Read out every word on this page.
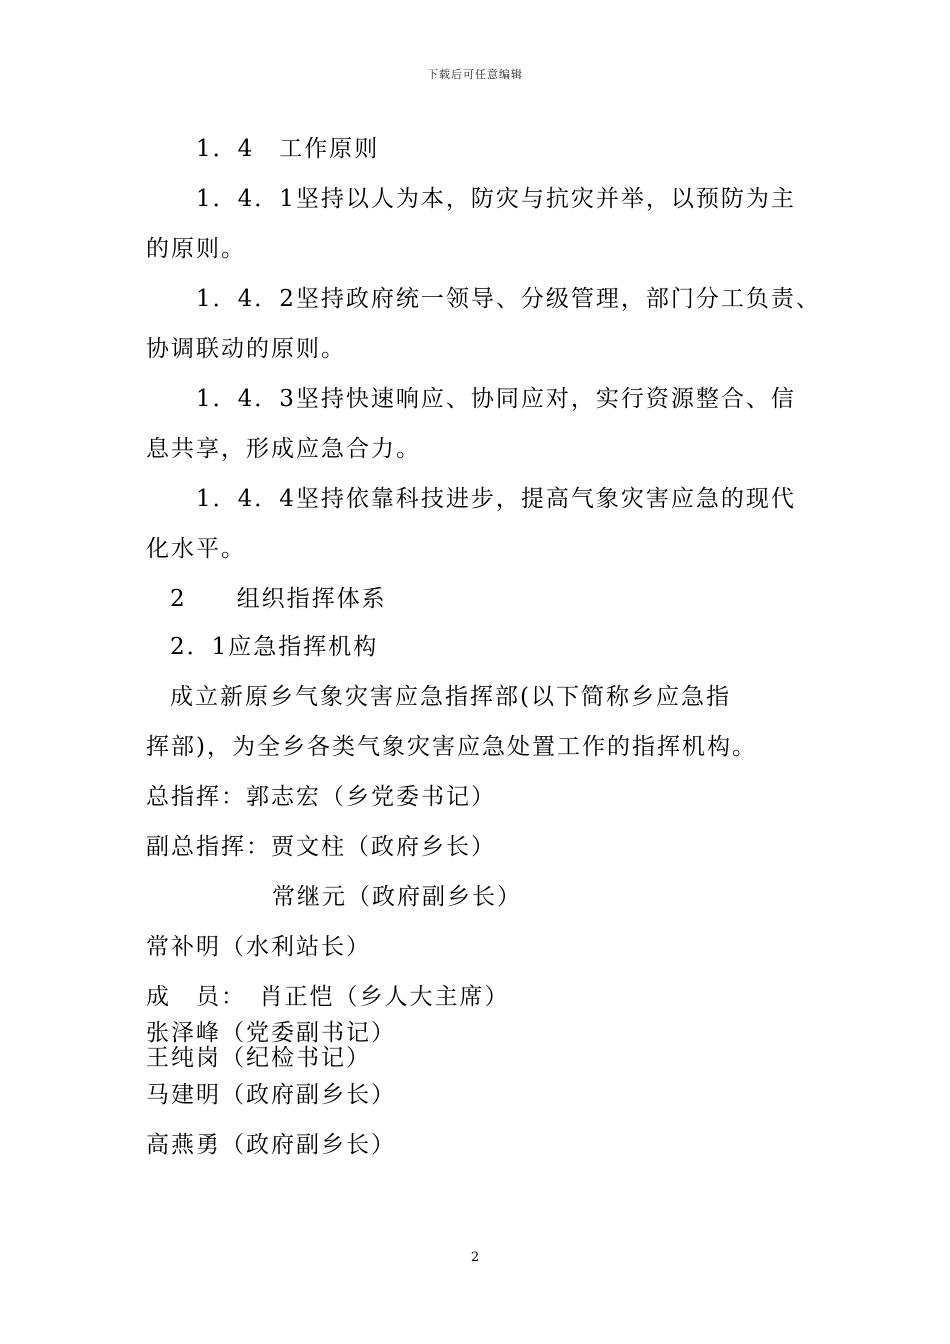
下载后可任意编辑
1．4　工作原则
1．4．1坚持以人为本，防灾与抗灾并举，以预防为主
的原则。
1．4．2坚持政府统一领导、分级管理，部门分工负责、
协调联动的原则。
1．4．3坚持快速响应、协同应对，实行资源整合、信
息共享，形成应急合力。
1．4．4坚持依靠科技进步，提高气象灾害应急的现代
化水平。
2　　组织指挥体系
2．1应急指挥机构
成立新原乡气象灾害应急指挥部(以下简称乡应急指
挥部)，为全乡各类气象灾害应急处置工作的指挥机构。
总指挥：郭志宏（乡党委书记）
副总指挥：贾文柱（政府乡长）
常继元（政府副乡长）
常补明（水利站长）
成　员：　肖正恺（乡人大主席）
张泽峰（党委副书记）
王纯岗（纪检书记）
马建明（政府副乡长）
高燕勇（政府副乡长）
2
